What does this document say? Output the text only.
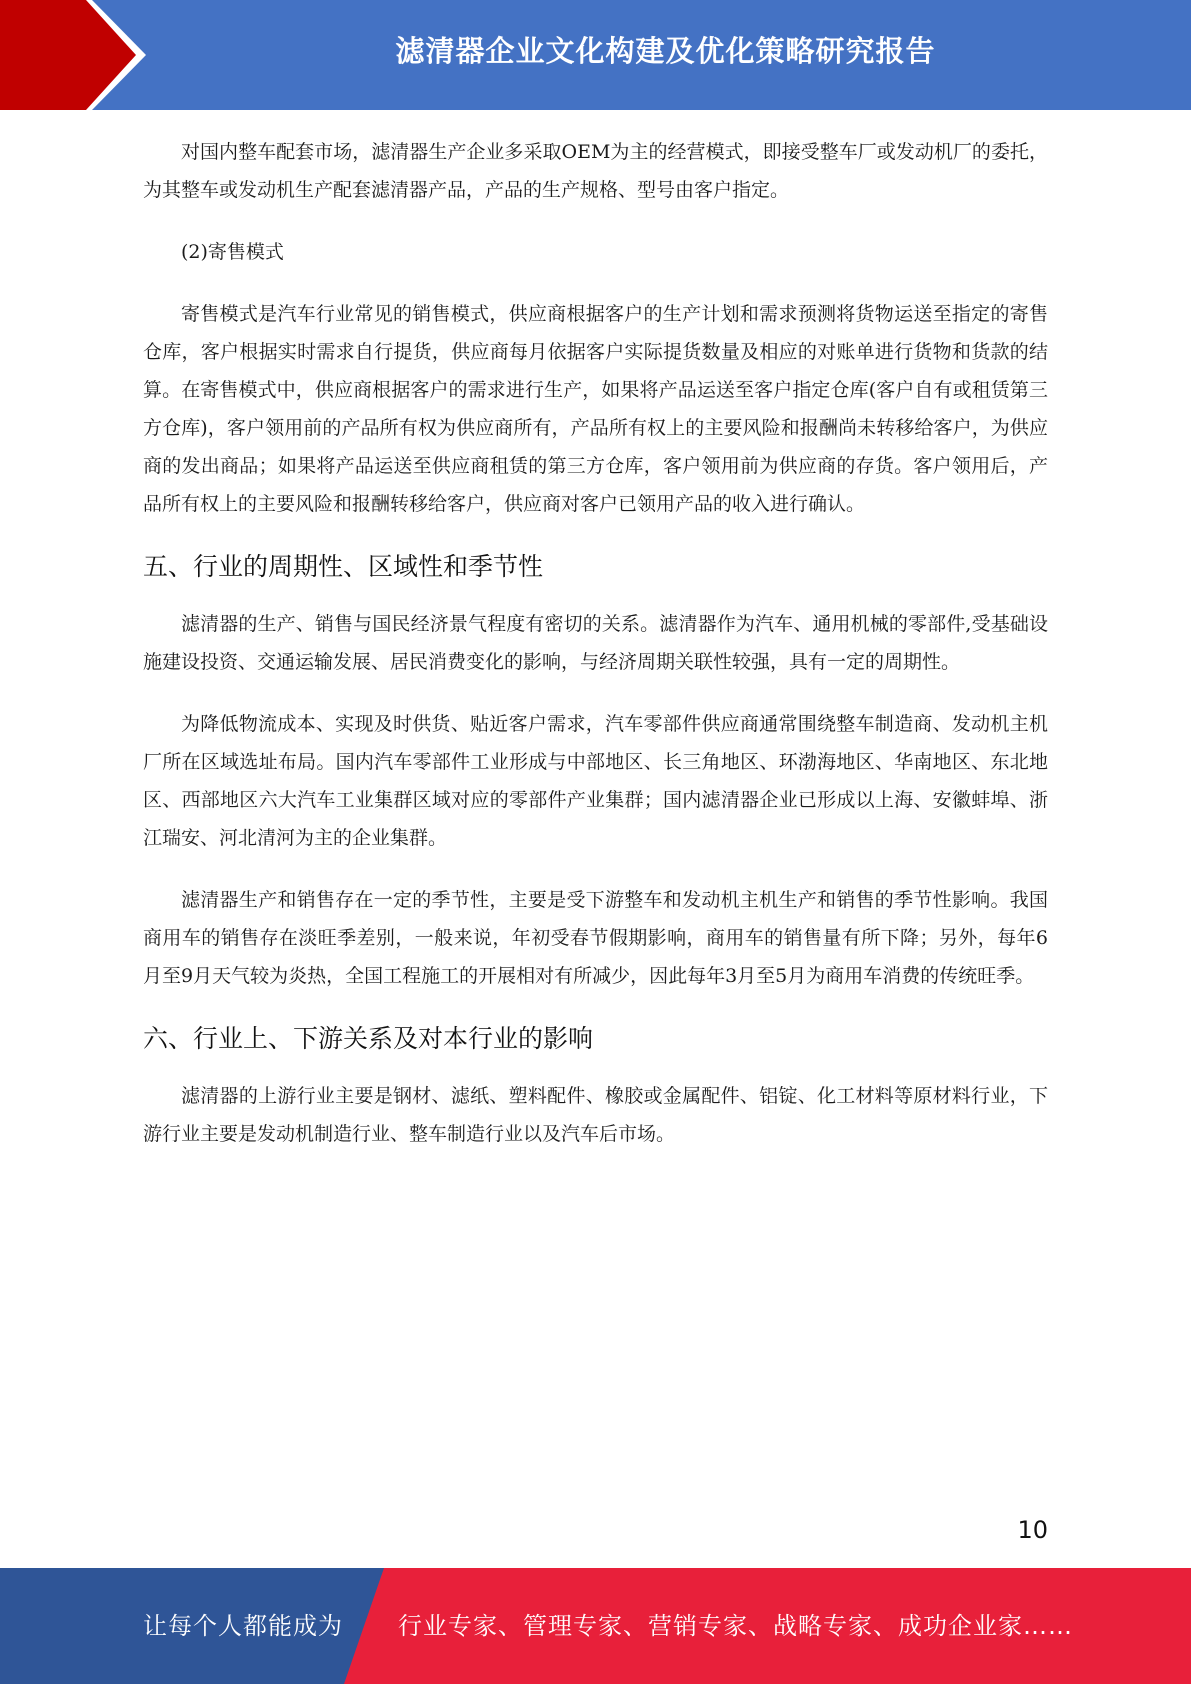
滤清器企业文化构建及优化策略研究报告

对国内整车配套市场，滤清器生产企业多采取OEM为主的经营模式，即接受整车厂或发动机厂的委托，为其整车或发动机生产配套滤清器产品，产品的生产规格、型号由客户指定。

(2)寄售模式

寄售模式是汽车行业常见的销售模式，供应商根据客户的生产计划和需求预测将货物运送至指定的寄售仓库，客户根据实时需求自行提货，供应商每月依据客户实际提货数量及相应的对账单进行货物和货款的结算。在寄售模式中，供应商根据客户的需求进行生产，如果将产品运送至客户指定仓库(客户自有或租赁第三方仓库)，客户领用前的产品所有权为供应商所有，产品所有权上的主要风险和报酬尚未转移给客户，为供应商的发出商品；如果将产品运送至供应商租赁的第三方仓库，客户领用前为供应商的存货。客户领用后，产品所有权上的主要风险和报酬转移给客户，供应商对客户已领用产品的收入进行确认。

五、行业的周期性、区域性和季节性

滤清器的生产、销售与国民经济景气程度有密切的关系。滤清器作为汽车、通用机械的零部件,受基础设施建设投资、交通运输发展、居民消费变化的影响，与经济周期关联性较强，具有一定的周期性。

为降低物流成本、实现及时供货、贴近客户需求，汽车零部件供应商通常围绕整车制造商、发动机主机厂所在区域选址布局。国内汽车零部件工业形成与中部地区、长三角地区、环渤海地区、华南地区、东北地区、西部地区六大汽车工业集群区域对应的零部件产业集群；国内滤清器企业已形成以上海、安徽蚌埠、浙江瑞安、河北清河为主的企业集群。

滤清器生产和销售存在一定的季节性，主要是受下游整车和发动机主机生产和销售的季节性影响。我国商用车的销售存在淡旺季差别，一般来说，年初受春节假期影响，商用车的销售量有所下降；另外，每年6月至9月天气较为炎热，全国工程施工的开展相对有所减少，因此每年3月至5月为商用车消费的传统旺季。

六、行业上、下游关系及对本行业的影响

滤清器的上游行业主要是钢材、滤纸、塑料配件、橡胶或金属配件、铝锭、化工材料等原材料行业，下游行业主要是发动机制造行业、整车制造行业以及汽车后市场。

10
让每个人都能成为 行业专家、管理专家、营销专家、战略专家、成功企业家……
